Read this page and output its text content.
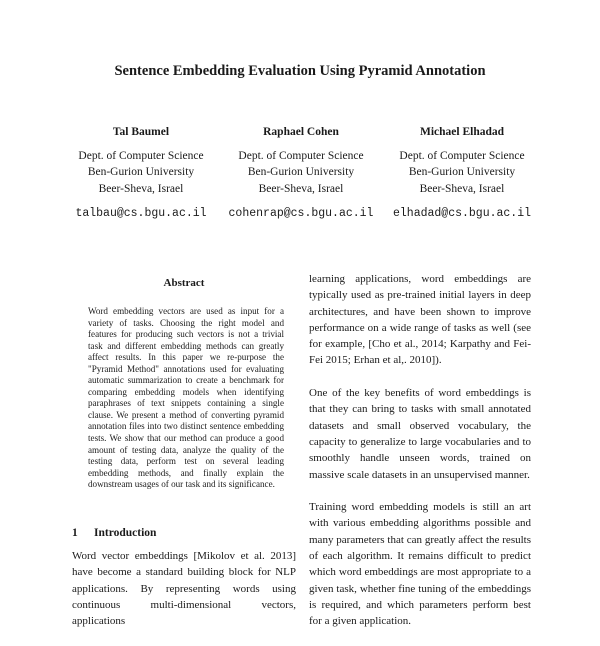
Sentence Embedding Evaluation Using Pyramid Annotation
Tal Baumel
Dept. of Computer Science
Ben-Gurion University
Beer-Sheva, Israel
talbau@cs.bgu.ac.il
Raphael Cohen
Dept. of Computer Science
Ben-Gurion University
Beer-Sheva, Israel
cohenrap@cs.bgu.ac.il
Michael Elhadad
Dept. of Computer Science
Ben-Gurion University
Beer-Sheva, Israel
elhadad@cs.bgu.ac.il
Abstract
Word embedding vectors are used as input for a variety of tasks. Choosing the right model and features for producing such vectors is not a trivial task and different embedding methods can greatly affect results. In this paper we re-purpose the "Pyramid Method" annotations used for evaluating automatic summarization to create a benchmark for comparing embedding models when identifying paraphrases of text snippets containing a single clause. We present a method of converting pyramid annotation files into two distinct sentence embedding tests. We show that our method can produce a good amount of testing data, analyze the quality of the testing data, perform test on several leading embedding methods, and finally explain the downstream usages of our task and its significance.
1 Introduction
Word vector embeddings [Mikolov et al. 2013] have become a standard building block for NLP applications. By representing words using continuous multi-dimensional vectors, applications

learning applications, word embeddings are typically used as pre-trained initial layers in deep architectures, and have been shown to improve performance on a wide range of tasks as well (see for example, [Cho et al., 2014; Karpathy and Fei-Fei 2015; Erhan et al,. 2010]).

One of the key benefits of word embeddings is that they can bring to tasks with small annotated datasets and small observed vocabulary, the capacity to generalize to large vocabularies and to smoothly handle unseen words, trained on massive scale datasets in an unsupervised manner.

Training word embedding models is still an art with various embedding algorithms possible and many parameters that can greatly affect the results of each algorithm. It remains difficult to predict which word embeddings are most appropriate to a given task, whether fine tuning of the embeddings is required, and which parameters perform best for a given application.
